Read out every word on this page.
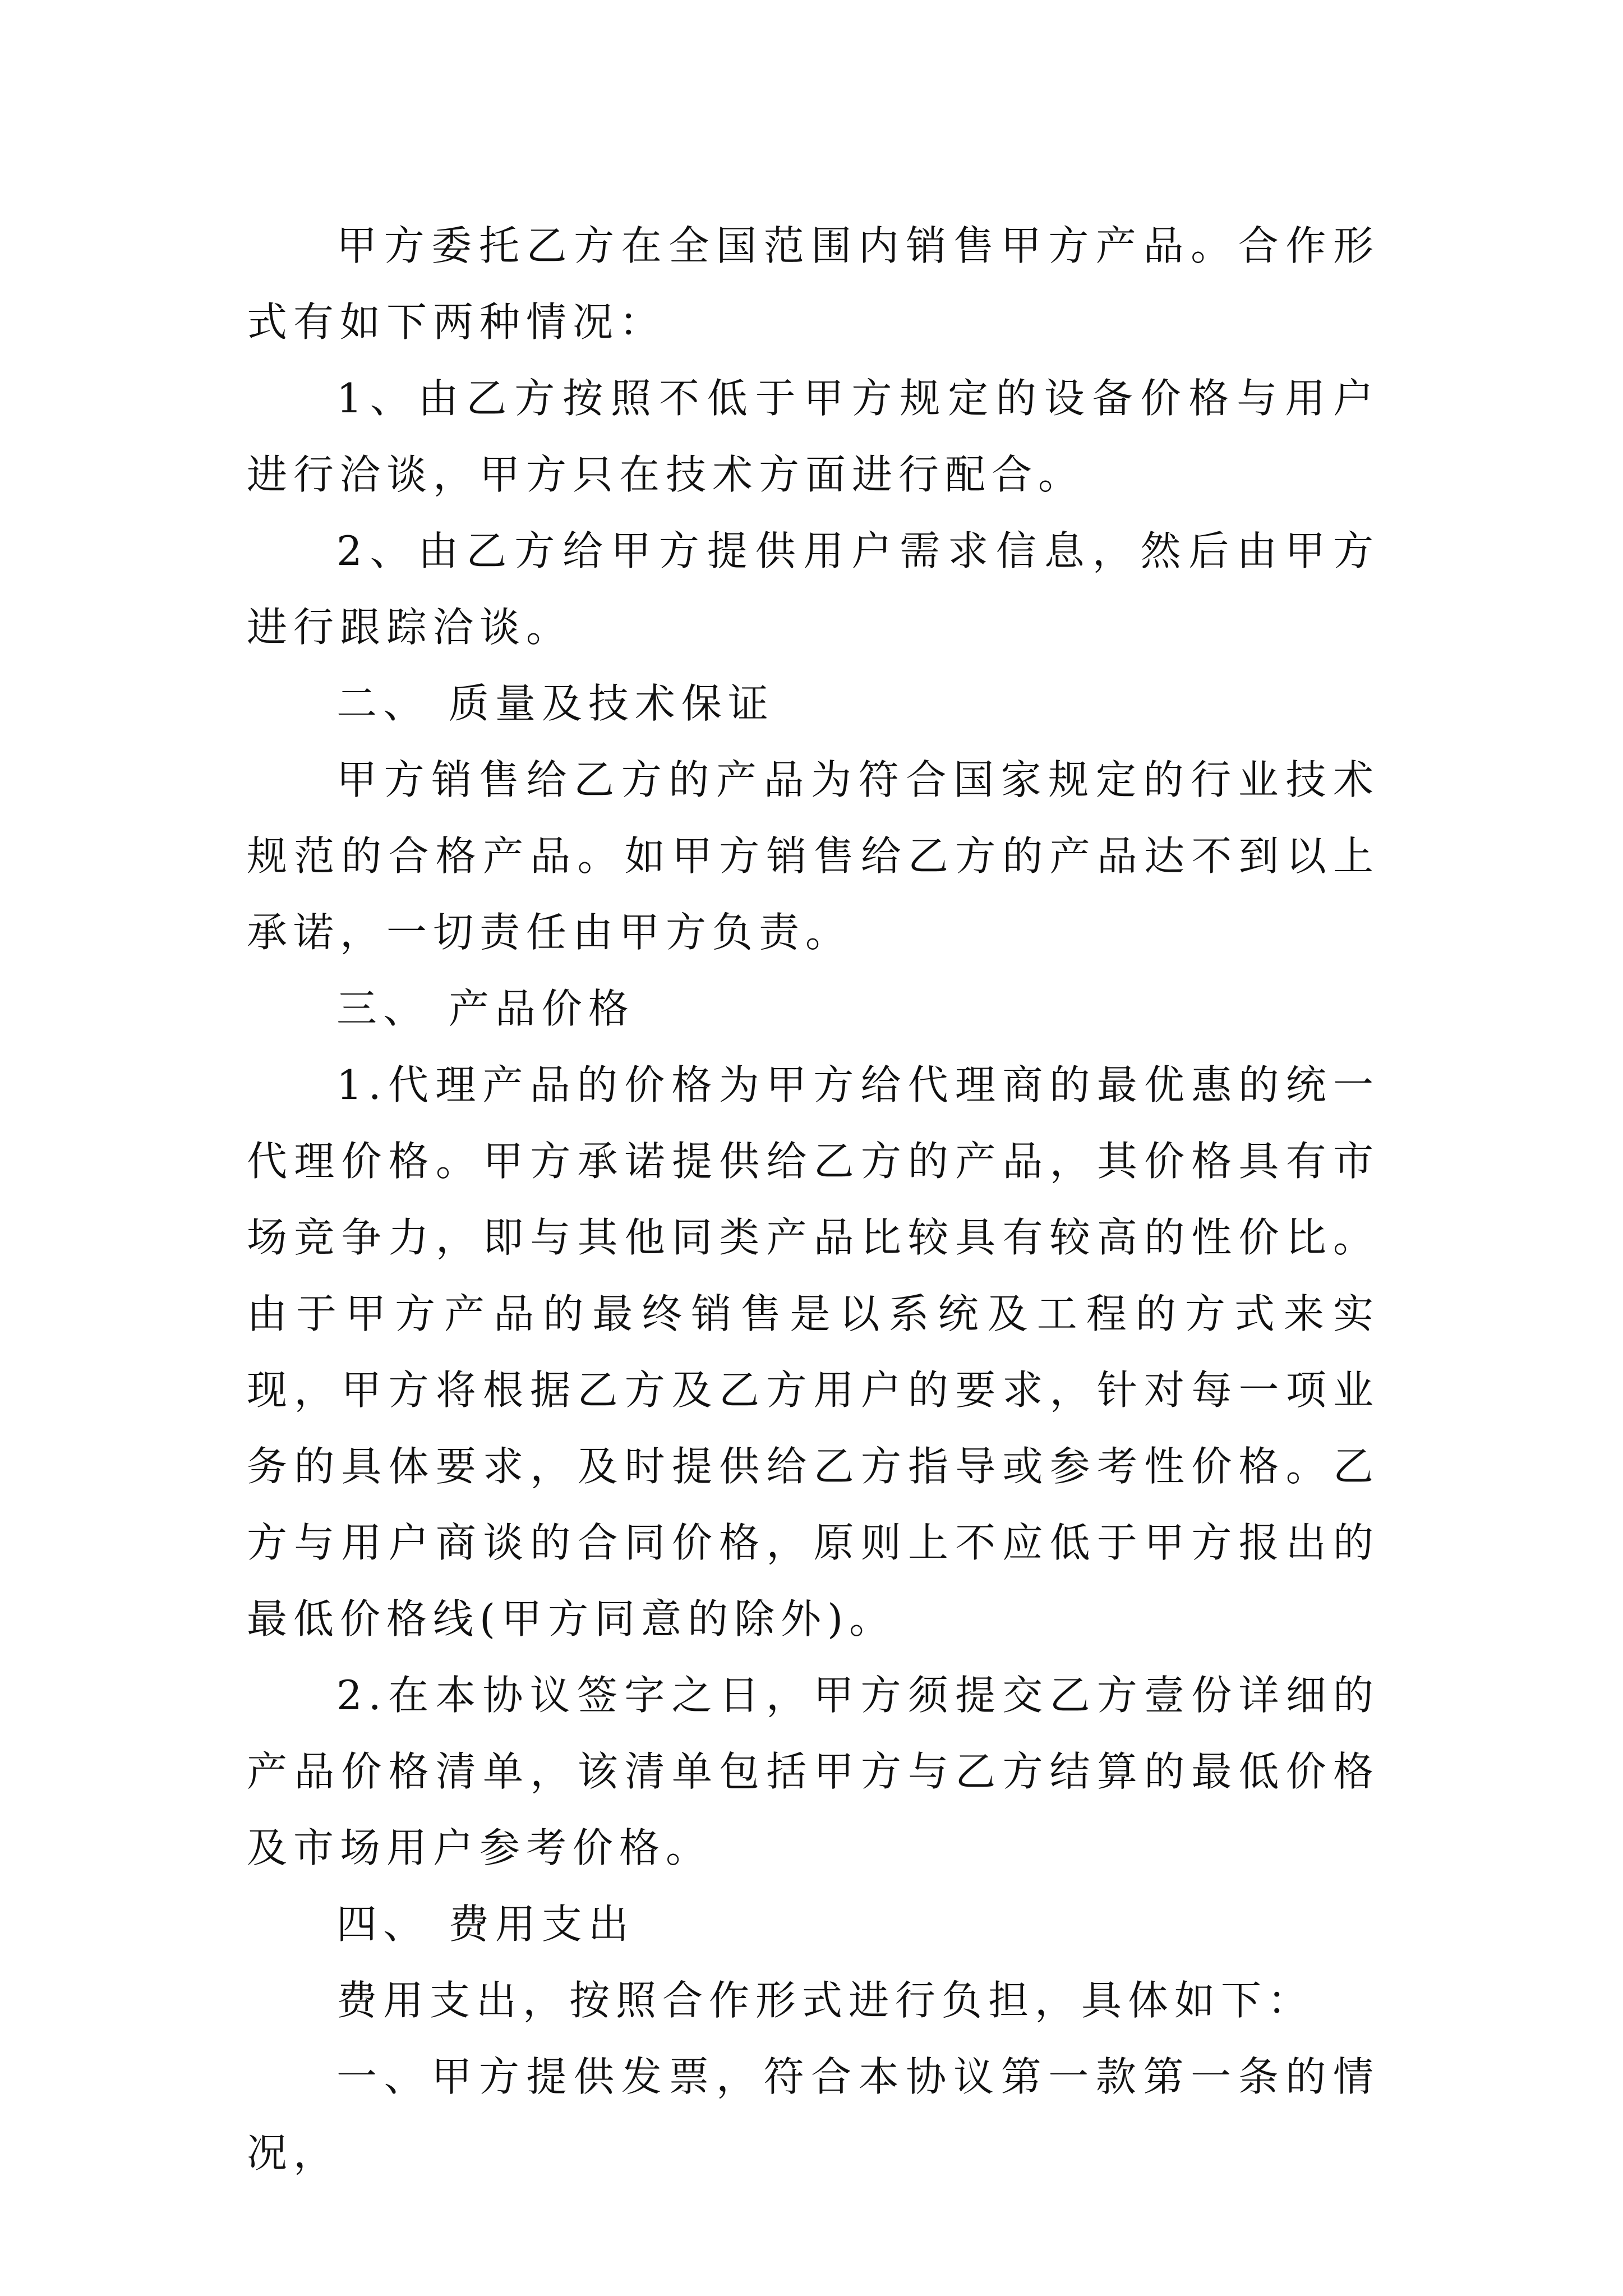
甲方委托乙方在全国范围内销售甲方产品。合作形式有如下两种情况：

1、由乙方按照不低于甲方规定的设备价格与用户进行洽谈，甲方只在技术方面进行配合。

2、由乙方给甲方提供用户需求信息，然后由甲方进行跟踪洽谈。

二、 质量及技术保证

甲方销售给乙方的产品为符合国家规定的行业技术规范的合格产品。如甲方销售给乙方的产品达不到以上承诺，一切责任由甲方负责。

三、 产品价格

1.代理产品的价格为甲方给代理商的最优惠的统一代理价格。甲方承诺提供给乙方的产品，其价格具有市场竞争力，即与其他同类产品比较具有较高的性价比。由于甲方产品的最终销售是以系统及工程的方式来实现，甲方将根据乙方及乙方用户的要求，针对每一项业务的具体要求，及时提供给乙方指导或参考性价格。乙方与用户商谈的合同价格，原则上不应低于甲方报出的最低价格线(甲方同意的除外)。

2.在本协议签字之日，甲方须提交乙方壹份详细的产品价格清单，该清单包括甲方与乙方结算的最低价格及市场用户参考价格。

四、 费用支出

费用支出，按照合作形式进行负担，具体如下：

一、甲方提供发票，符合本协议第一款第一条的情况，
